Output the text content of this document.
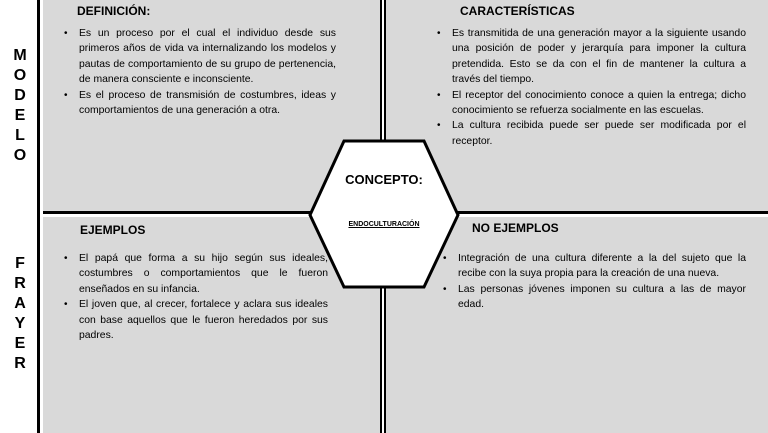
M
O
D
E
L
O
F
R
A
Y
E
R
DEFINICIÓN:
• Es un proceso por el cual el individuo desde sus primeros años de vida va internalizando los modelos y pautas de comportamiento de su grupo de pertenencia, de manera consciente e inconsciente.
• Es el proceso de transmisión de costumbres, ideas y comportamientos de una generación a otra.
CARACTERÍSTICAS
• Es transmitida de una generación mayor a la siguiente usando una posición de poder y jerarquía para imponer la cultura pretendida. Esto se da con el fin de mantener la cultura a través del tiempo.
• El receptor del conocimiento conoce a quien la entrega; dicho conocimiento se refuerza socialmente en las escuelas.
• La cultura recibida puede ser puede ser modificada por el receptor.
EJEMPLOS
• El papá que forma a su hijo según sus ideales, costumbres o comportamientos que le fueron enseñados en su infancia.
• El joven que, al crecer, fortalece y aclara sus ideales con base aquellos que le fueron heredados por sus padres.
NO EJEMPLOS
• Integración de una cultura diferente a la del sujeto que la recibe con la suya propia para la creación de una nueva.
• Las personas jóvenes imponen su cultura a las de mayor edad.
CONCEPTO:
ENDOCULTURACIÓN
